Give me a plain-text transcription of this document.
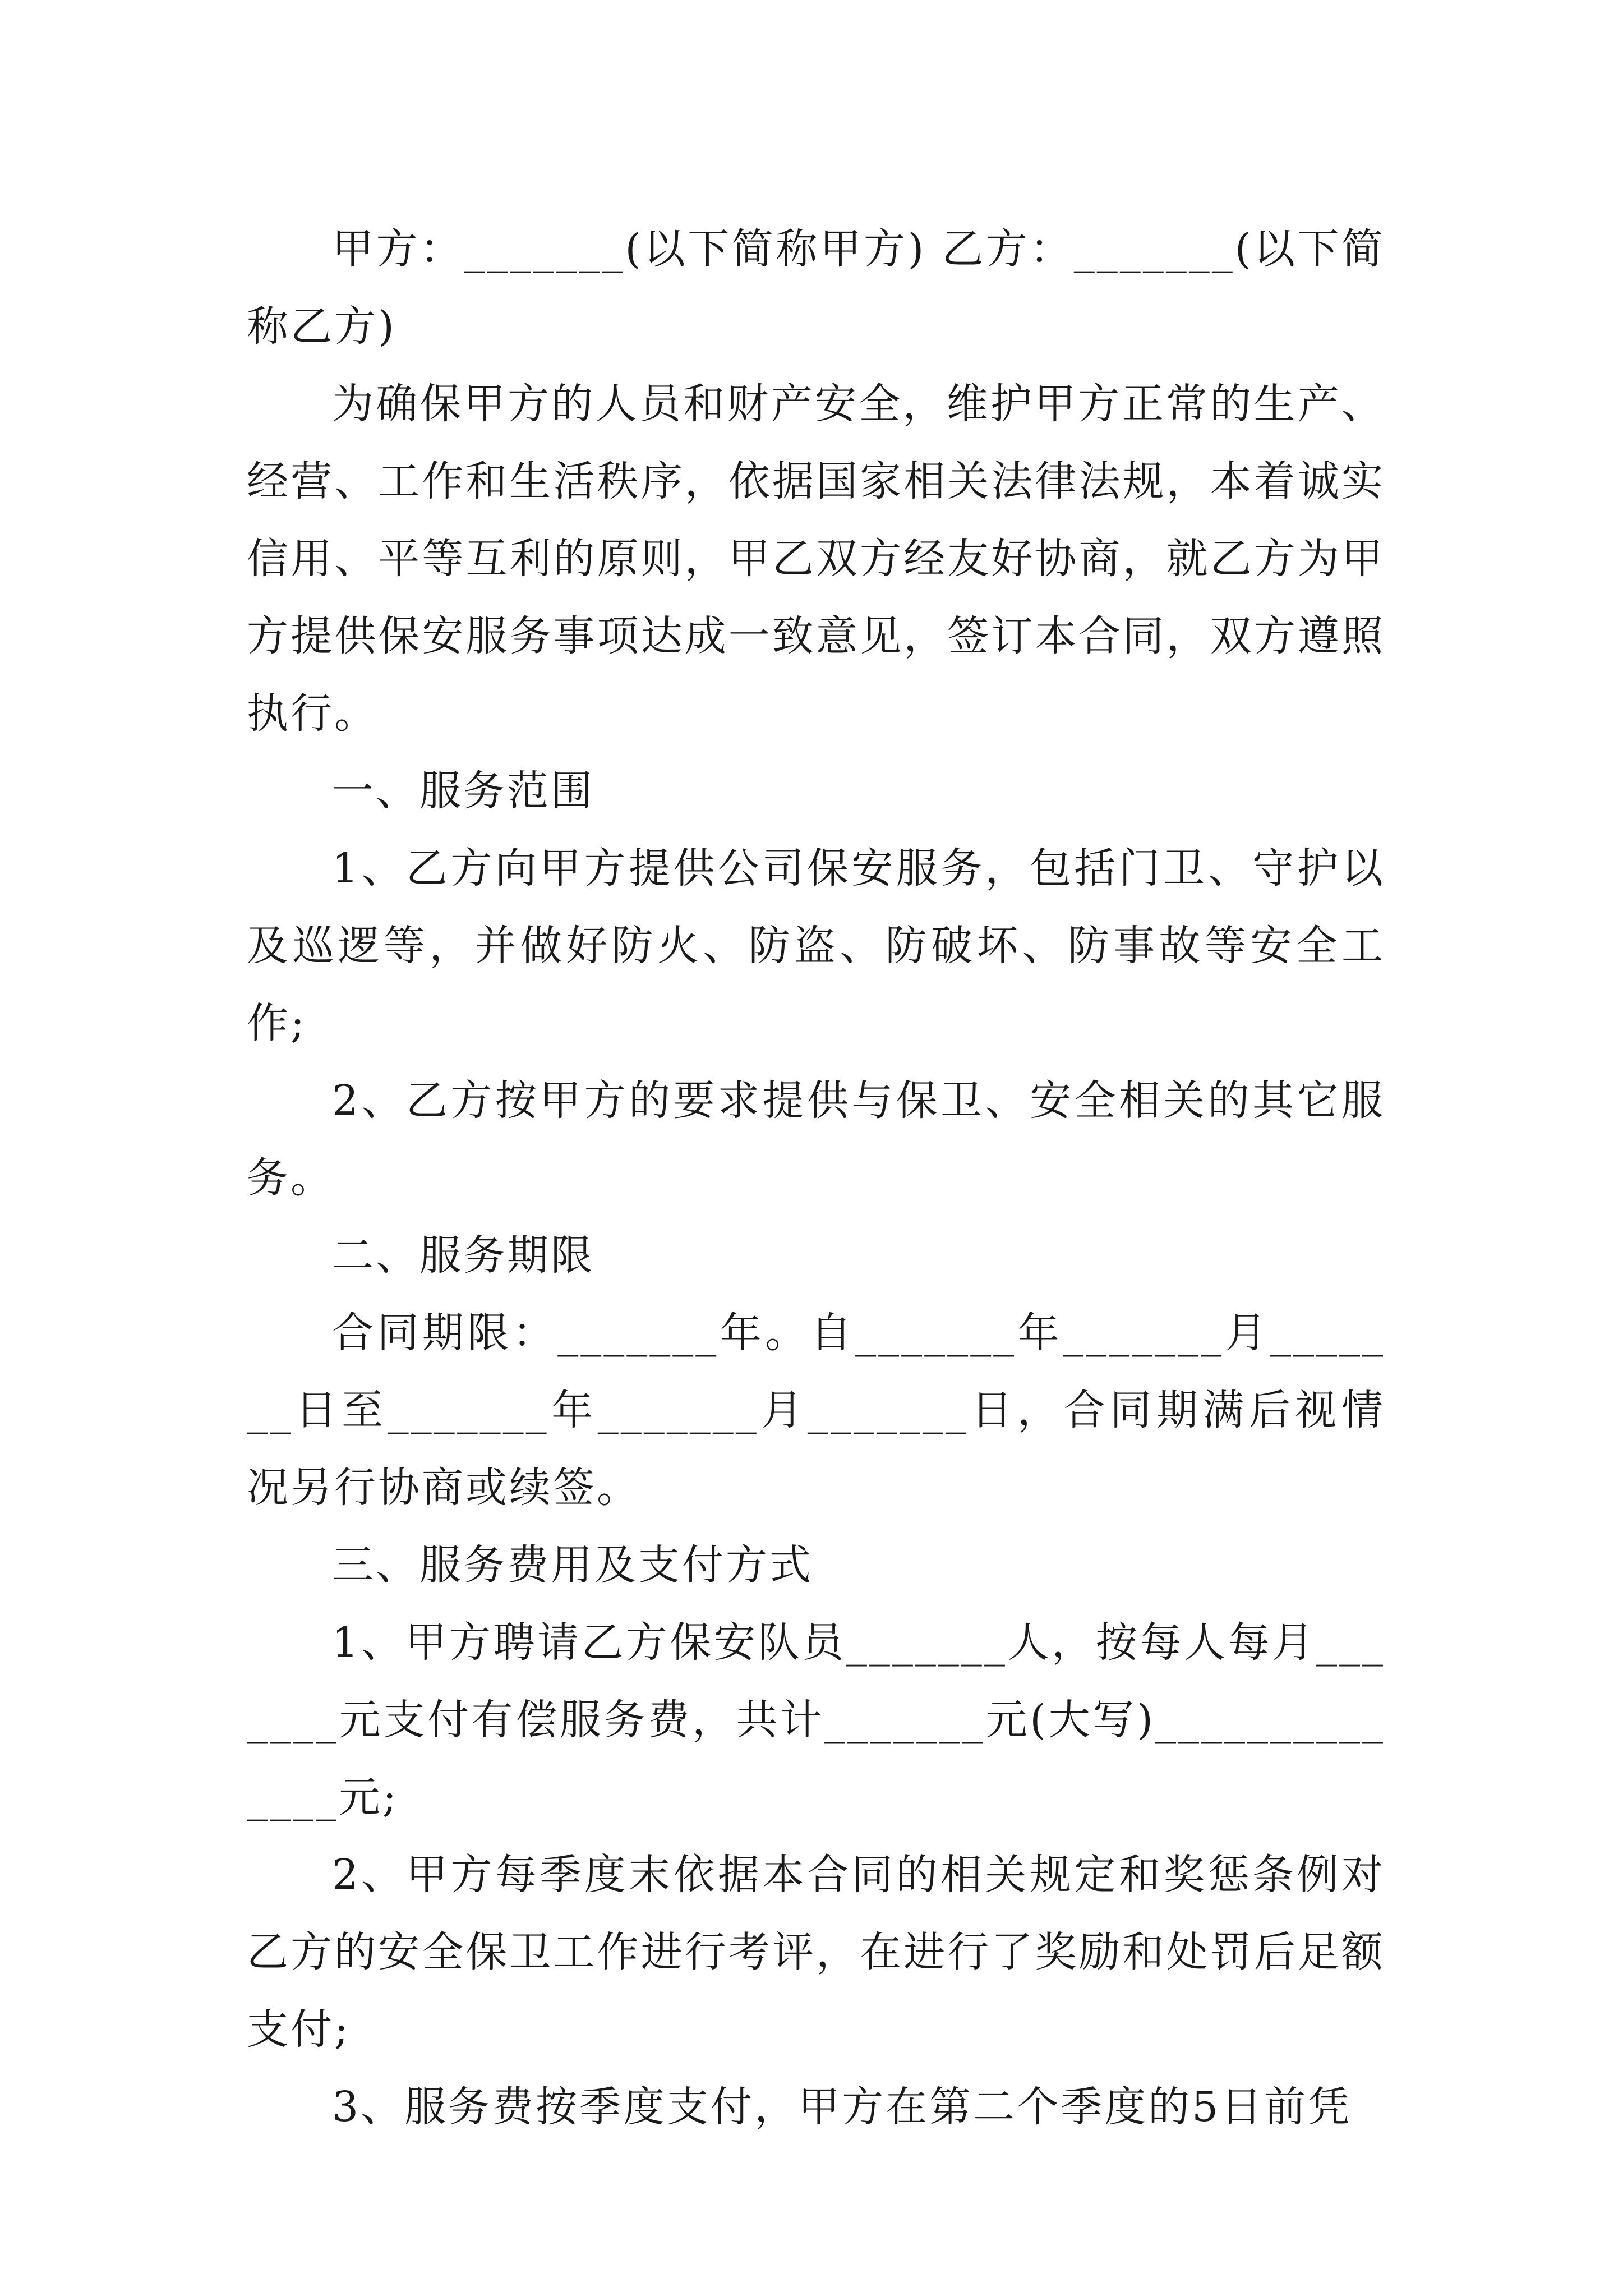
甲方：_______(以下简称甲方) 乙方：_______(以下简称乙方)

为确保甲方的人员和财产安全，维护甲方正常的生产、经营、工作和生活秩序，依据国家相关法律法规，本着诚实信用、平等互利的原则，甲乙双方经友好协商，就乙方为甲方提供保安服务事项达成一致意见，签订本合同，双方遵照执行。

一、服务范围

1、乙方向甲方提供公司保安服务，包括门卫、守护以及巡逻等，并做好防火、防盗、防破坏、防事故等安全工作;

2、乙方按甲方的要求提供与保卫、安全相关的其它服务。

二、服务期限

合同期限：_______年。自_______年_______月_______日至_______年_______月_______日，合同期满后视情况另行协商或续签。

三、服务费用及支付方式

1、甲方聘请乙方保安队员_______人，按每人每月_______元支付有偿服务费，共计_______元(大写)______________元;

2、甲方每季度末依据本合同的相关规定和奖惩条例对乙方的安全保卫工作进行考评，在进行了奖励和处罚后足额支付;

3、服务费按季度支付，甲方在第二个季度的5日前凭
